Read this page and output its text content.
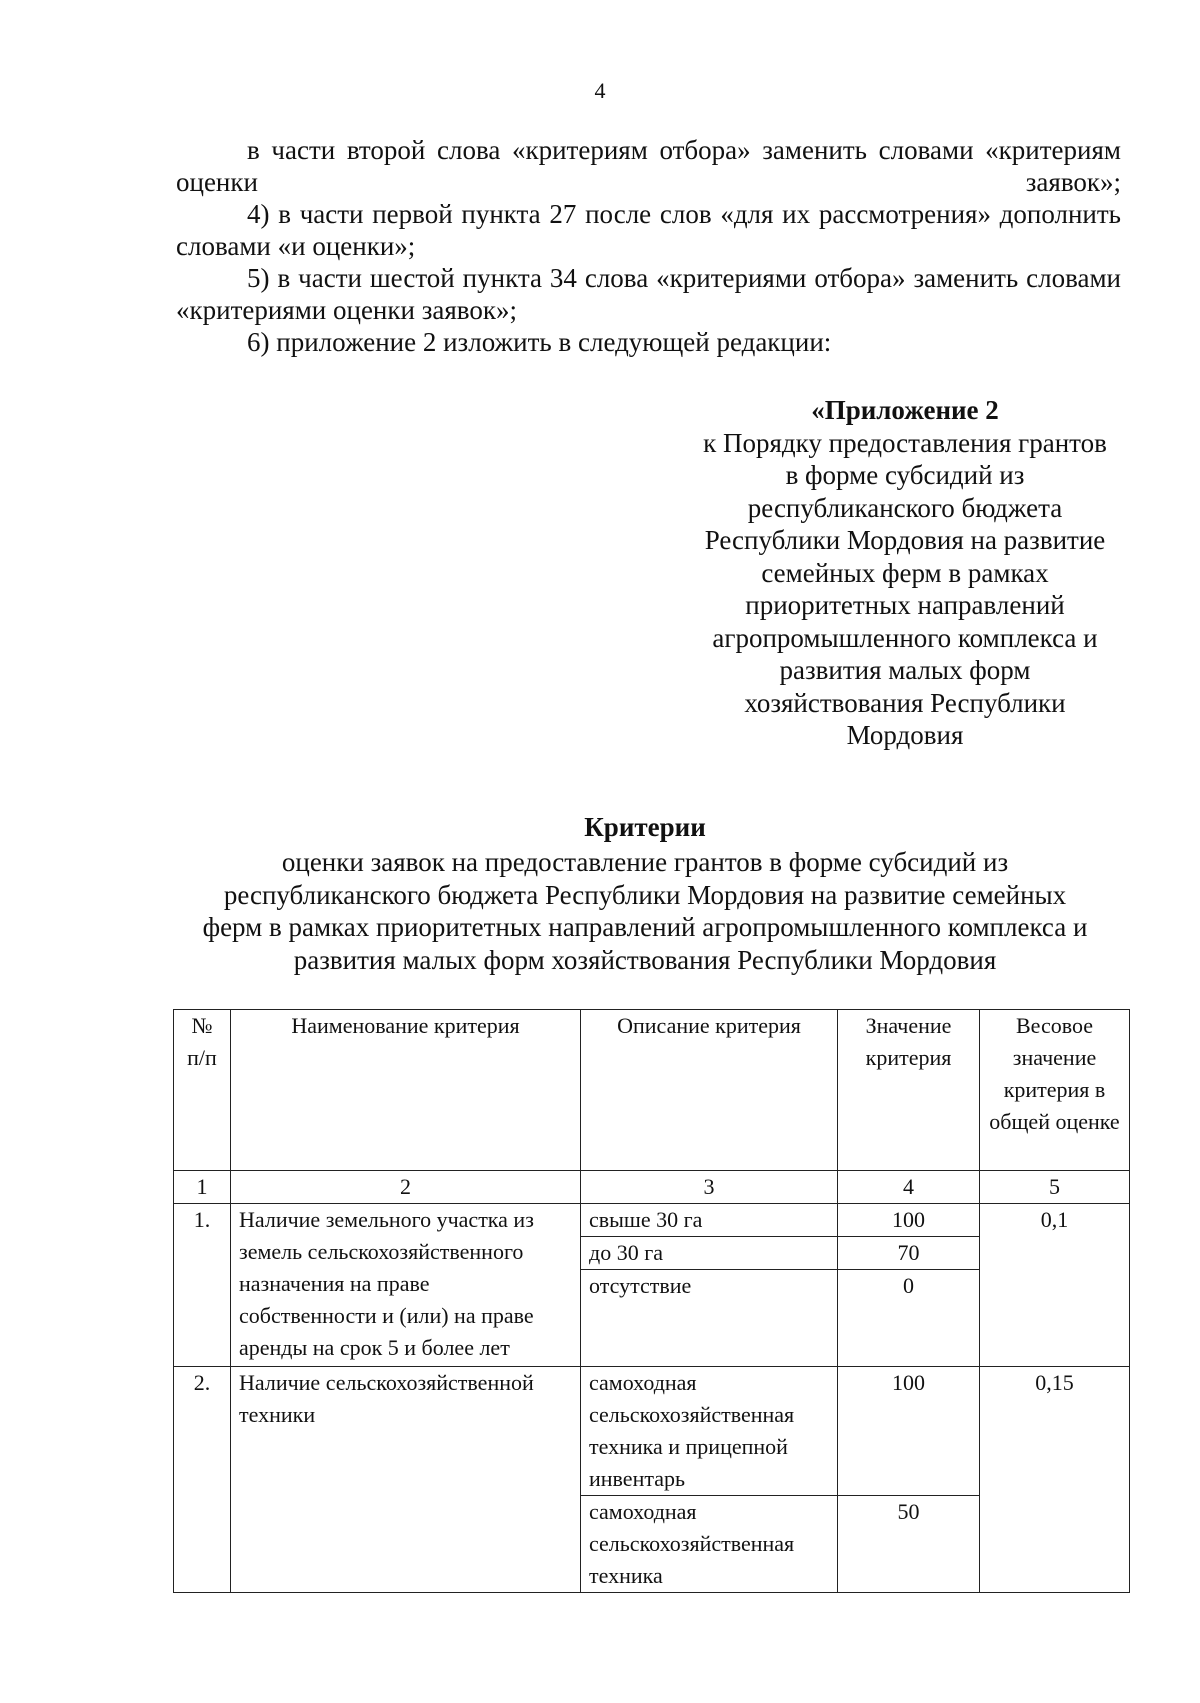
4

в части второй слова «критериям отбора» заменить словами «критериям оценки заявок»;

4) в части первой пункта 27 после слов «для их рассмотрения» дополнить словами «и оценки»;

5) в части шестой пункта 34 слова «критериями отбора» заменить словами «критериями оценки заявок»;

6) приложение 2 изложить в следующей редакции:

«Приложение 2
к Порядку предоставления грантов
в форме субсидий из
республиканского бюджета
Республики Мордовия на развитие
семейных ферм в рамках
приоритетных направлений
агропромышленного комплекса и
развития малых форм
хозяйствования Республики
Мордовия
Критерии
оценки заявок на предоставление грантов в форме субсидий из
республиканского бюджета Республики Мордовия на развитие семейных
ферм в рамках приоритетных направлений агропромышленного комплекса и
развития малых форм хозяйствования Республики Мордовия
№ п/п	Наименование критерия	Описание критерия	Значение критерия	Весовое значение критерия в общей оценке
1	2	3	4	5
1.	Наличие земельного участка из земель сельскохозяйственного назначения на праве собственности и (или) на праве аренды на срок 5 и более лет	свыше 30 га	100	0,1
		до 30 га	70	
		отсутствие	0	
2.	Наличие сельскохозяйственной техники	самоходная сельскохозяйственная техника и прицепной инвентарь	100	0,15
		самоходная сельскохозяйственная техника	50	
